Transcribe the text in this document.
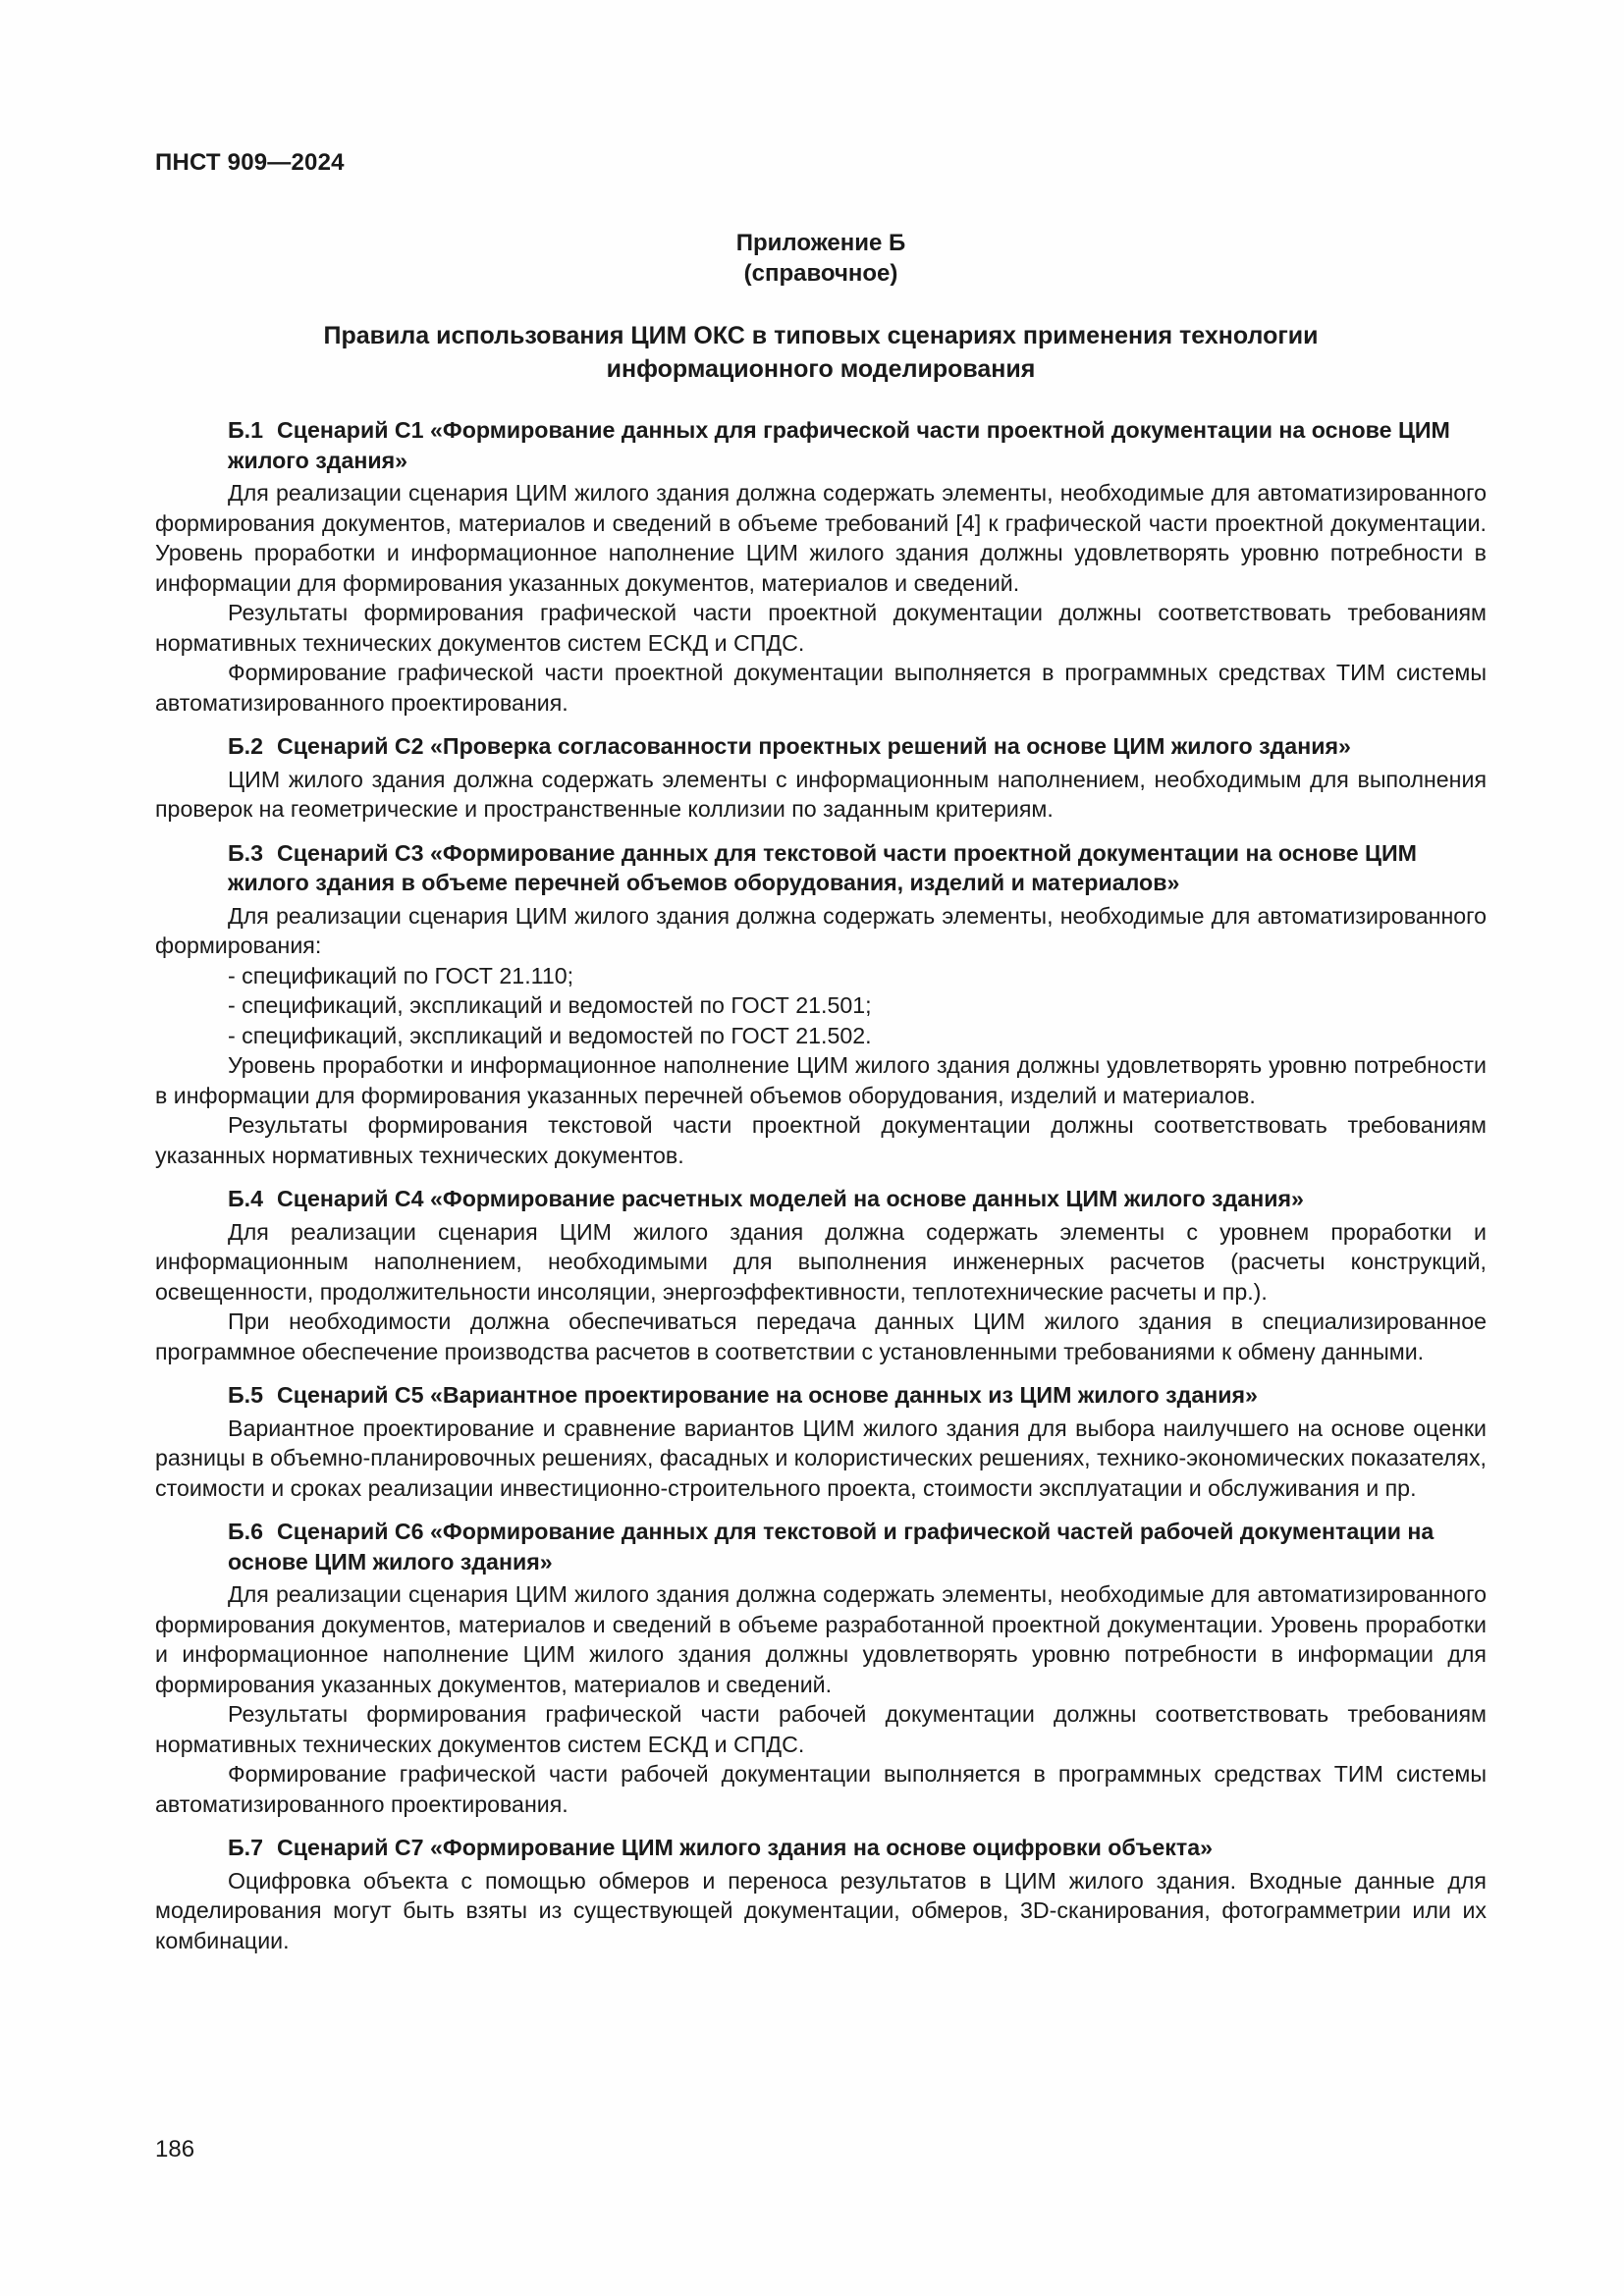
ПНСТ 909—2024
Приложение Б
(справочное)
Правила использования ЦИМ ОКС в типовых сценариях применения технологии
информационного моделирования
Б.1 Сценарий С1 «Формирование данных для графической части проектной документации на основе ЦИМ жилого здания»

Для реализации сценария ЦИМ жилого здания должна содержать элементы, необходимые для автоматизированного формирования документов, материалов и сведений в объеме требований [4] к графической части проектной документации. Уровень проработки и информационное наполнение ЦИМ жилого здания должны удовлетворять уровню потребности в информации для формирования указанных документов, материалов и сведений.

Результаты формирования графической части проектной документации должны соответствовать требованиям нормативных технических документов систем ЕСКД и СПДС.

Формирование графической части проектной документации выполняется в программных средствах ТИМ системы автоматизированного проектирования.

Б.2 Сценарий С2 «Проверка согласованности проектных решений на основе ЦИМ жилого здания»

ЦИМ жилого здания должна содержать элементы с информационным наполнением, необходимым для выполнения проверок на геометрические и пространственные коллизии по заданным критериям.

Б.3 Сценарий С3 «Формирование данных для текстовой части проектной документации на основе ЦИМ жилого здания в объеме перечней объемов оборудования, изделий и материалов»

Для реализации сценария ЦИМ жилого здания должна содержать элементы, необходимые для автоматизированного формирования:

- спецификаций по ГОСТ 21.110;

- спецификаций, экспликаций и ведомостей по ГОСТ 21.501;

- спецификаций, экспликаций и ведомостей по ГОСТ 21.502.

Уровень проработки и информационное наполнение ЦИМ жилого здания должны удовлетворять уровню потребности в информации для формирования указанных перечней объемов оборудования, изделий и материалов.

Результаты формирования текстовой части проектной документации должны соответствовать требованиям указанных нормативных технических документов.

Б.4 Сценарий С4 «Формирование расчетных моделей на основе данных ЦИМ жилого здания»

Для реализации сценария ЦИМ жилого здания должна содержать элементы с уровнем проработки и информационным наполнением, необходимыми для выполнения инженерных расчетов (расчеты конструкций, освещенности, продолжительности инсоляции, энергоэффективности, теплотехнические расчеты и пр.).

При необходимости должна обеспечиваться передача данных ЦИМ жилого здания в специализированное программное обеспечение производства расчетов в соответствии с установленными требованиями к обмену данными.

Б.5 Сценарий С5 «Вариантное проектирование на основе данных из ЦИМ жилого здания»

Вариантное проектирование и сравнение вариантов ЦИМ жилого здания для выбора наилучшего на основе оценки разницы в объемно-планировочных решениях, фасадных и колористических решениях, технико-экономических показателях, стоимости и сроках реализации инвестиционно-строительного проекта, стоимости эксплуатации и обслуживания и пр.

Б.6 Сценарий С6 «Формирование данных для текстовой и графической частей рабочей документации на основе ЦИМ жилого здания»

Для реализации сценария ЦИМ жилого здания должна содержать элементы, необходимые для автоматизированного формирования документов, материалов и сведений в объеме разработанной проектной документации. Уровень проработки и информационное наполнение ЦИМ жилого здания должны удовлетворять уровню потребности в информации для формирования указанных документов, материалов и сведений.

Результаты формирования графической части рабочей документации должны соответствовать требованиям нормативных технических документов систем ЕСКД и СПДС.

Формирование графической части рабочей документации выполняется в программных средствах ТИМ системы автоматизированного проектирования.

Б.7 Сценарий С7 «Формирование ЦИМ жилого здания на основе оцифровки объекта»

Оцифровка объекта с помощью обмеров и переноса результатов в ЦИМ жилого здания. Входные данные для моделирования могут быть взяты из существующей документации, обмеров, 3D-сканирования, фотограмметрии или их комбинации.

186
